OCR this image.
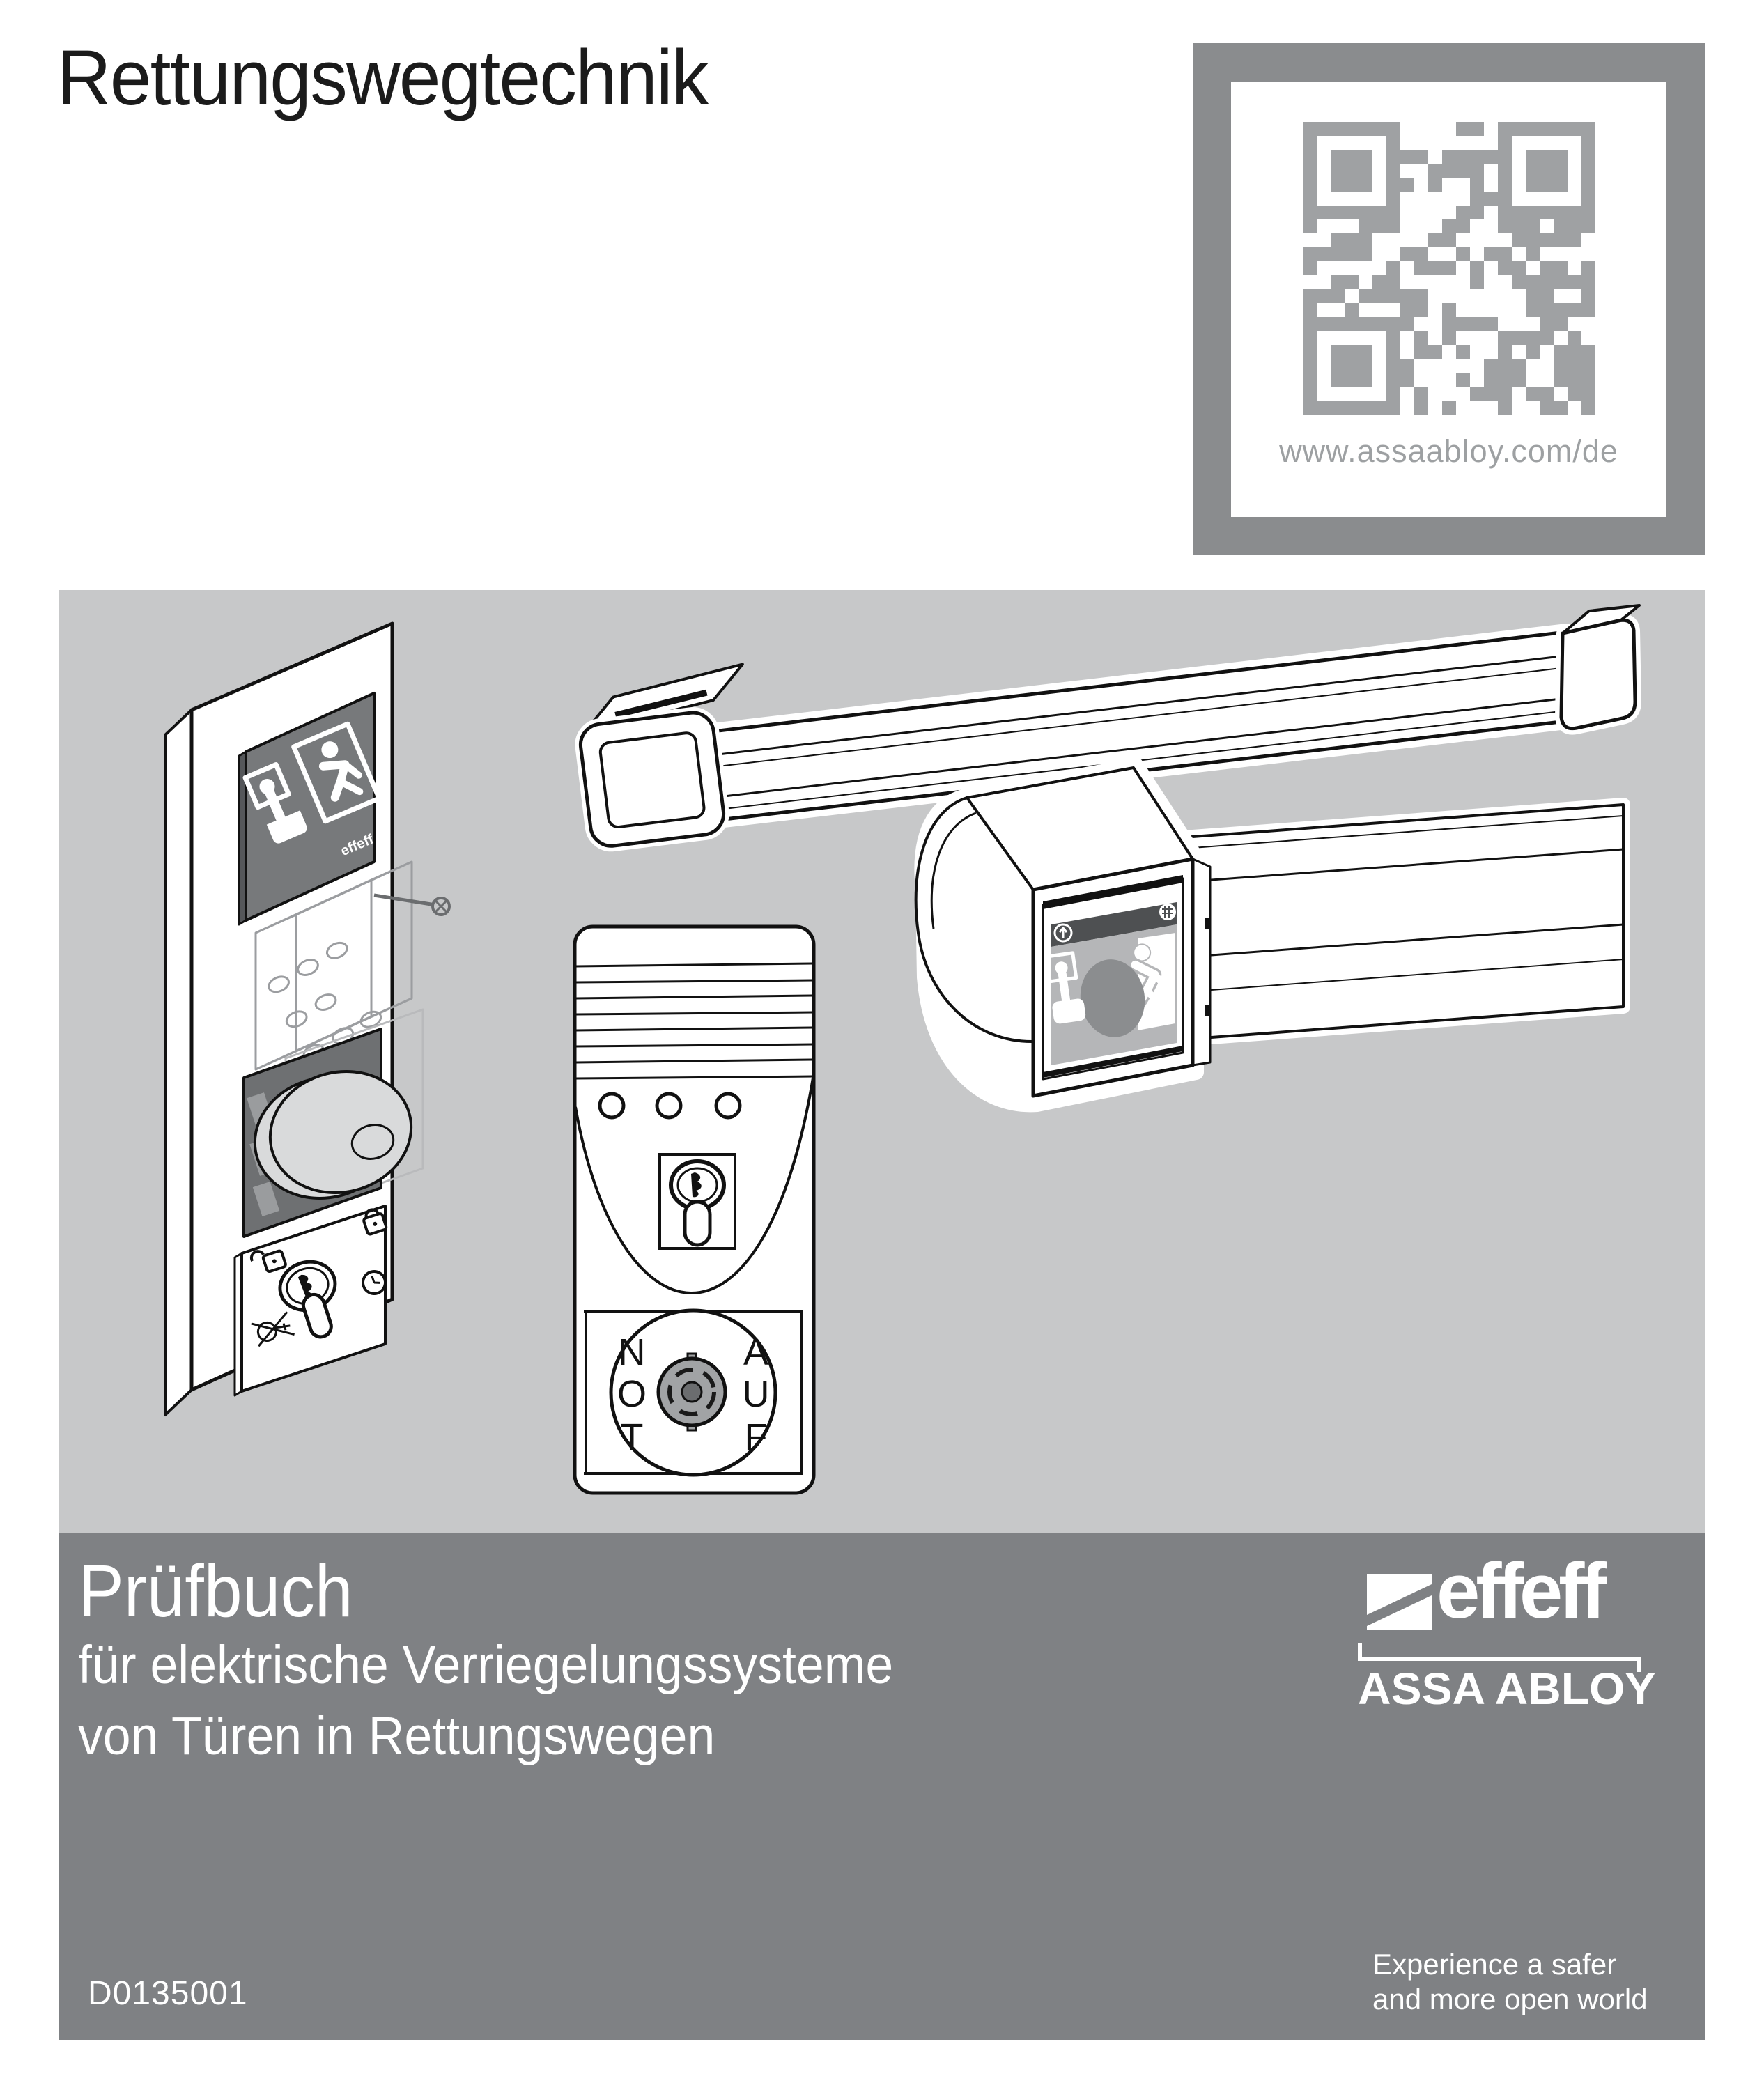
Rettungswegtechnik
www.assaabloy.com/de
effeff
N
O
T
A
U
F
Prüfbuch
für elektrische Verriegelungssysteme
von Türen in Rettungswegen
D0135001
effeff
ASSA ABLOY
Experience a safer
and more open world
